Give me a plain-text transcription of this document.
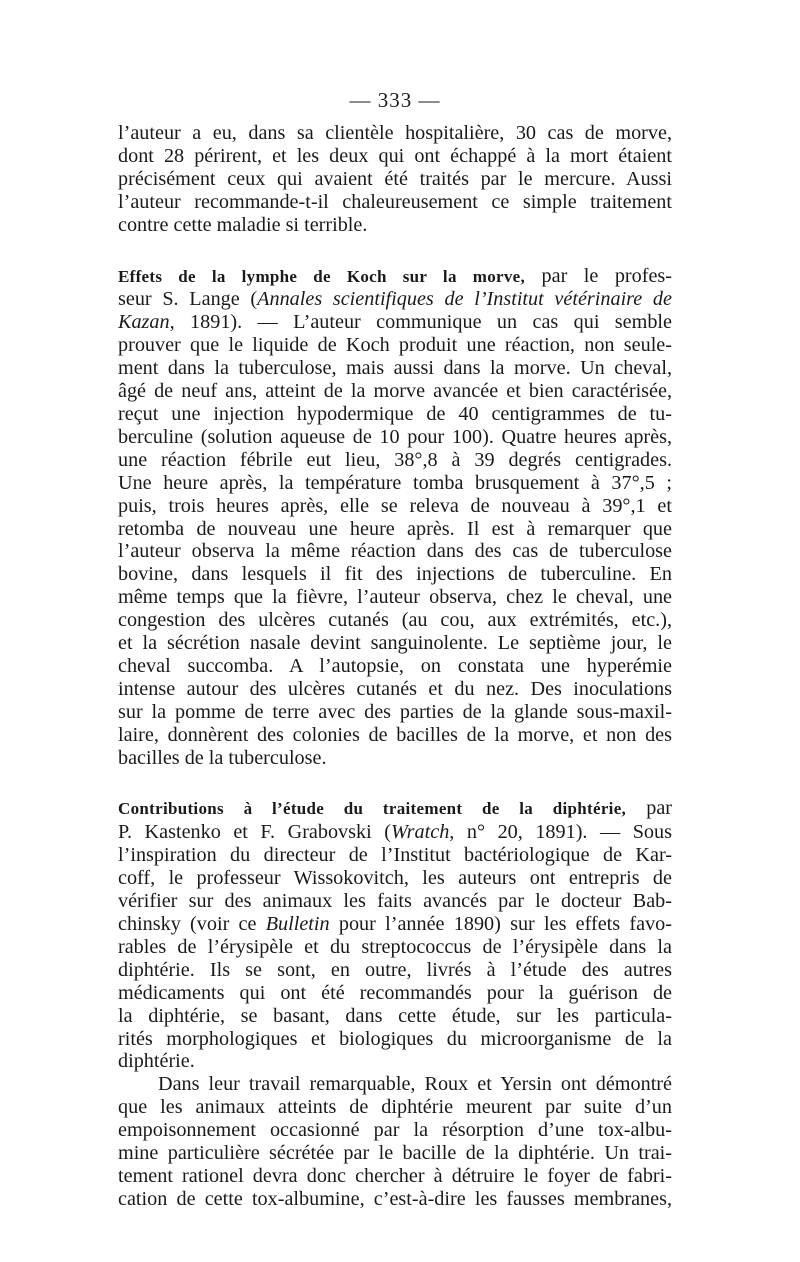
— 333 —
l’auteur a eu, dans sa clientèle hospitalière, 30 cas de morve,
dont 28 périrent, et les deux qui ont échappé à la mort étaient
précisément ceux qui avaient été traités par le mercure. Aussi
l’auteur recommande-t-il chaleureusement ce simple traitement
contre cette maladie si terrible.
Effets de la lymphe de Koch sur la morve, par le profes-
seur S. Lange (Annales scientifiques de l’Institut vétérinaire de
Kazan, 1891). — L’auteur communique un cas qui semble
prouver que le liquide de Koch produit une réaction, non seule-
ment dans la tuberculose, mais aussi dans la morve. Un cheval,
âgé de neuf ans, atteint de la morve avancée et bien caractérisée,
reçut une injection hypodermique de 40 centigrammes de tu-
berculine (solution aqueuse de 10 pour 100). Quatre heures après,
une réaction fébrile eut lieu, 38°,8 à 39 degrés centigrades.
Une heure après, la température tomba brusquement à 37°,5 ;
puis, trois heures après, elle se releva de nouveau à 39°,1 et
retomba de nouveau une heure après. Il est à remarquer que
l’auteur observa la même réaction dans des cas de tuberculose
bovine, dans lesquels il fit des injections de tuberculine. En
même temps que la fièvre, l’auteur observa, chez le cheval, une
congestion des ulcères cutanés (au cou, aux extrémités, etc.),
et la sécrétion nasale devint sanguinolente. Le septième jour, le
cheval succomba. A l’autopsie, on constata une hyperémie
intense autour des ulcères cutanés et du nez. Des inoculations
sur la pomme de terre avec des parties de la glande sous-maxil-
laire, donnèrent des colonies de bacilles de la morve, et non des
bacilles de la tuberculose.
Contributions à l’étude du traitement de la diphtérie, par
P. Kastenko et F. Grabovski (Wratch, n° 20, 1891). — Sous
l’inspiration du directeur de l’Institut bactériologique de Kar-
coff, le professeur Wissokovitch, les auteurs ont entrepris de
vérifier sur des animaux les faits avancés par le docteur Bab-
chinsky (voir ce Bulletin pour l’année 1890) sur les effets favo-
rables de l’érysipèle et du streptococcus de l’érysipèle dans la
diphtérie. Ils se sont, en outre, livrés à l’étude des autres
médicaments qui ont été recommandés pour la guérison de
la diphtérie, se basant, dans cette étude, sur les particula-
rités morphologiques et biologiques du microorganisme de la
diphtérie.
Dans leur travail remarquable, Roux et Yersin ont démontré
que les animaux atteints de diphtérie meurent par suite d’un
empoisonnement occasionné par la résorption d’une tox-albu-
mine particulière sécrétée par le bacille de la diphtérie. Un trai-
tement rationel devra donc chercher à détruire le foyer de fabri-
cation de cette tox-albumine, c’est-à-dire les fausses membranes,
